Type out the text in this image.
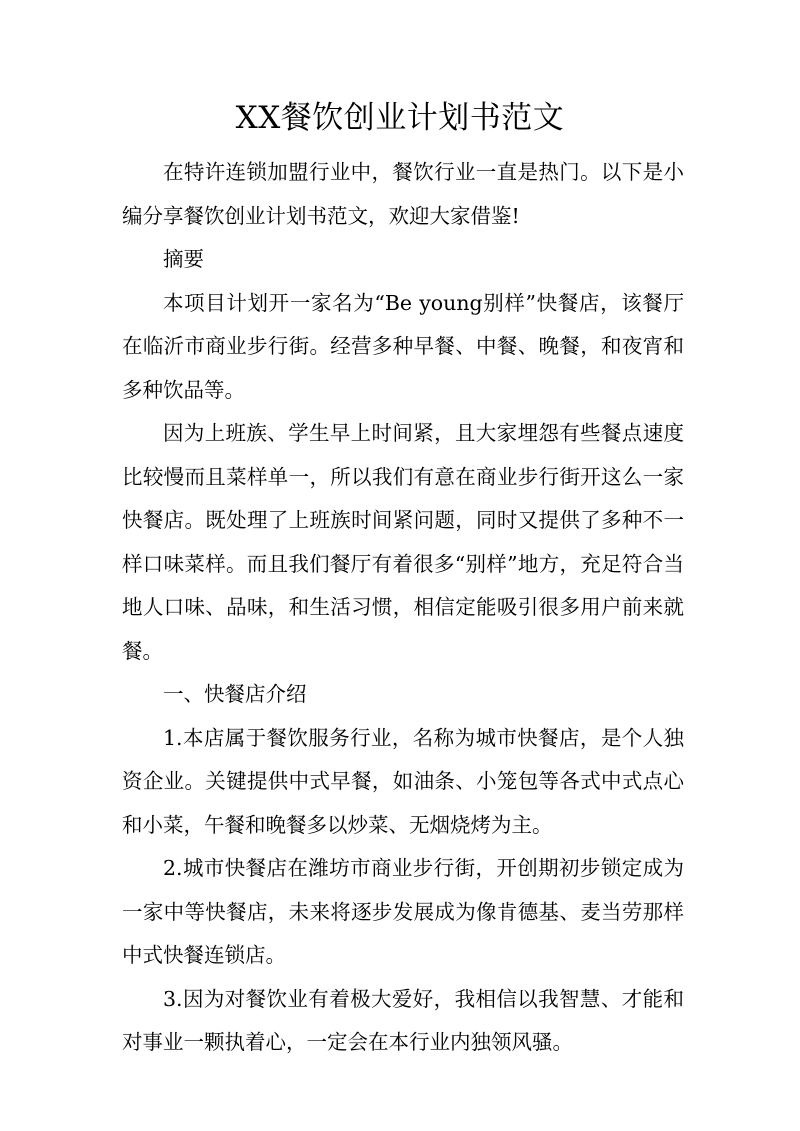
XX餐饮创业计划书范文

在特许连锁加盟行业中，餐饮行业一直是热门。以下是小编分享餐饮创业计划书范文，欢迎大家借鉴!

摘要

本项目计划开一家名为“Be young别样”快餐店，该餐厅在临沂市商业步行街。经营多种早餐、中餐、晚餐，和夜宵和多种饮品等。

因为上班族、学生早上时间紧，且大家埋怨有些餐点速度比较慢而且菜样单一，所以我们有意在商业步行街开这么一家快餐店。既处理了上班族时间紧问题，同时又提供了多种不一样口味菜样。而且我们餐厅有着很多“别样”地方，充足符合当地人口味、品味，和生活习惯，相信定能吸引很多用户前来就餐。

一、快餐店介绍

1.本店属于餐饮服务行业，名称为城市快餐店，是个人独资企业。关键提供中式早餐，如油条、小笼包等各式中式点心和小菜，午餐和晚餐多以炒菜、无烟烧烤为主。

2.城市快餐店在潍坊市商业步行街，开创期初步锁定成为一家中等快餐店，未来将逐步发展成为像肯德基、麦当劳那样中式快餐连锁店。

3.因为对餐饮业有着极大爱好，我相信以我智慧、才能和对事业一颗执着心，一定会在本行业内独领风骚。
